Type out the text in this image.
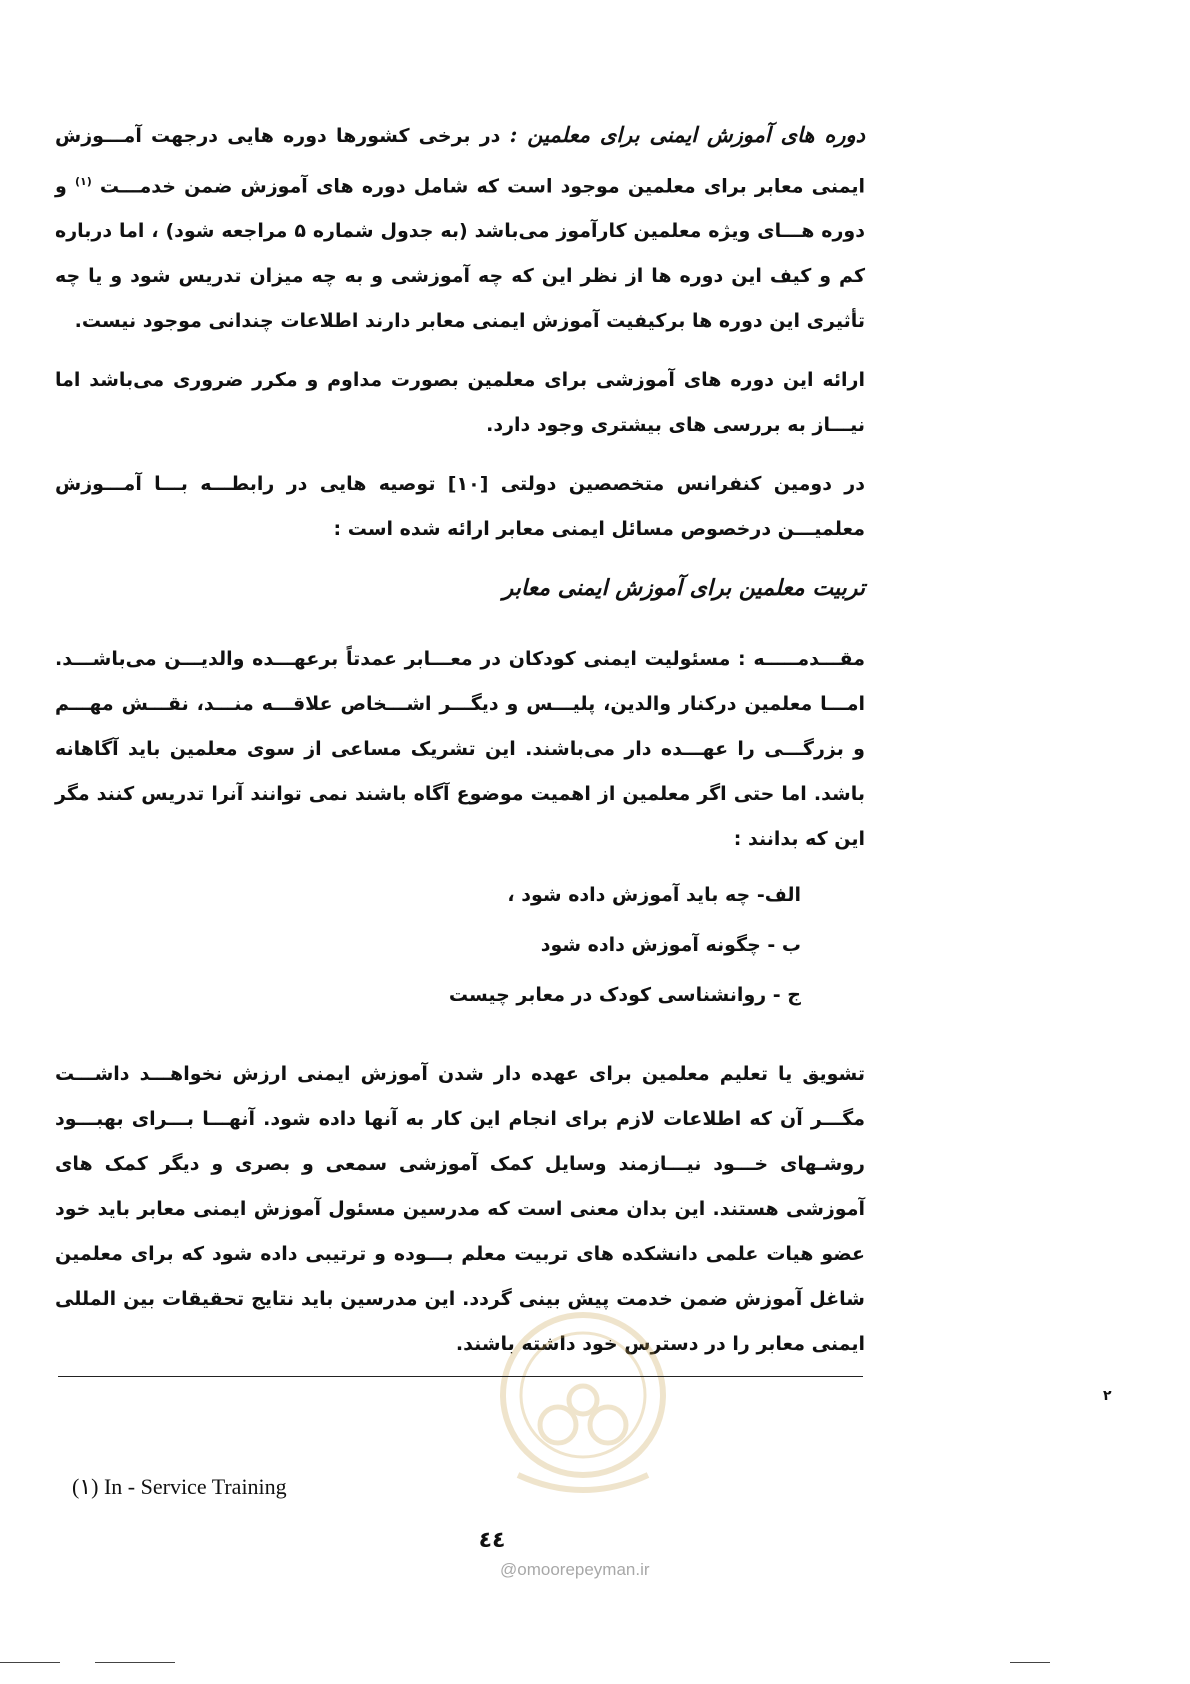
دوره های آموزش ایمنی برای معلمین : در برخی کشورها دوره هایی درجهت آمـــوزش ایمنی معابر برای معلمین موجود است که شامل دوره های آموزش ضمن خدمـــت $^{(۱)}$ و دوره هـــای ویژه معلمین کارآموز می‌باشد (به جدول شماره ۵ مراجعه شود) ، اما درباره کم و کیف این دوره ها از نظر این که چه آموزشی و به چه میزان تدریس شود و یا چه تأثیری این دوره ها برکیفیت آموزش ایمنی معابر دارند اطلاعات چندانی موجود نیست.

ارائه این دوره های آموزشی برای معلمین بصورت مداوم و مکرر ضروری می‌باشد اما نیـــاز به بررسی های بیشتری وجود دارد.

در دومین کنفرانس متخصصین دولتی [۱۰] توصیه هایی در رابطـــه بـــا آمـــوزش معلمیـــن درخصوص مسائل ایمنی معابر ارائه شده است :

تربیت معلمین برای آموزش ایمنی معابر

مقـــدمـــــه : مسئولیت ایمنی کودکان در معـــابر عمدتاً برعهـــده والدیـــن می‌باشـــد. امـــا معلمین درکنار والدین، پلیـــس و دیگـــر اشـــخاص علاقـــه منـــد، نقـــش مهـــم و بزرگـــی را عهـــده دار می‌باشند. این تشریک مساعی از سوی معلمین باید آگاهانه باشد. اما حتی اگر معلمین از اهمیت موضوع آگاه باشند نمی توانند آنرا تدریس کنند مگر این که بدانند :

الف- چه باید آموزش داده شود ،
ب - چگونه آموزش داده شود
ج - روانشناسی کودک در معابر چیست

تشویق یا تعلیم معلمین برای عهده دار شدن آموزش ایمنی ارزش نخواهـــد داشـــت مگـــر آن که اطلاعات لازم برای انجام این کار به آنها داده شود. آنهـــا بـــرای بهبـــود روشـهای خـــود نیـــازمند وسایل کمک آموزشی سمعی و بصری و دیگر کمک های آموزشی هستند. این بدان معنی است که مدرسین مسئول آموزش ایمنی معابر باید خود عضو هیات علمی دانشکده های تربیت معلم بـــوده و ترتیبی داده شود که برای معلمین شاغل آموزش ضمن خدمت پیش بینی گردد. این مدرسین باید نتایج تحقیقات بین المللی ایمنی معابر را در دسترس خود داشته باشند.

۲
(۱) In - Service Training
٤٤
@omoorepeyman.ir
